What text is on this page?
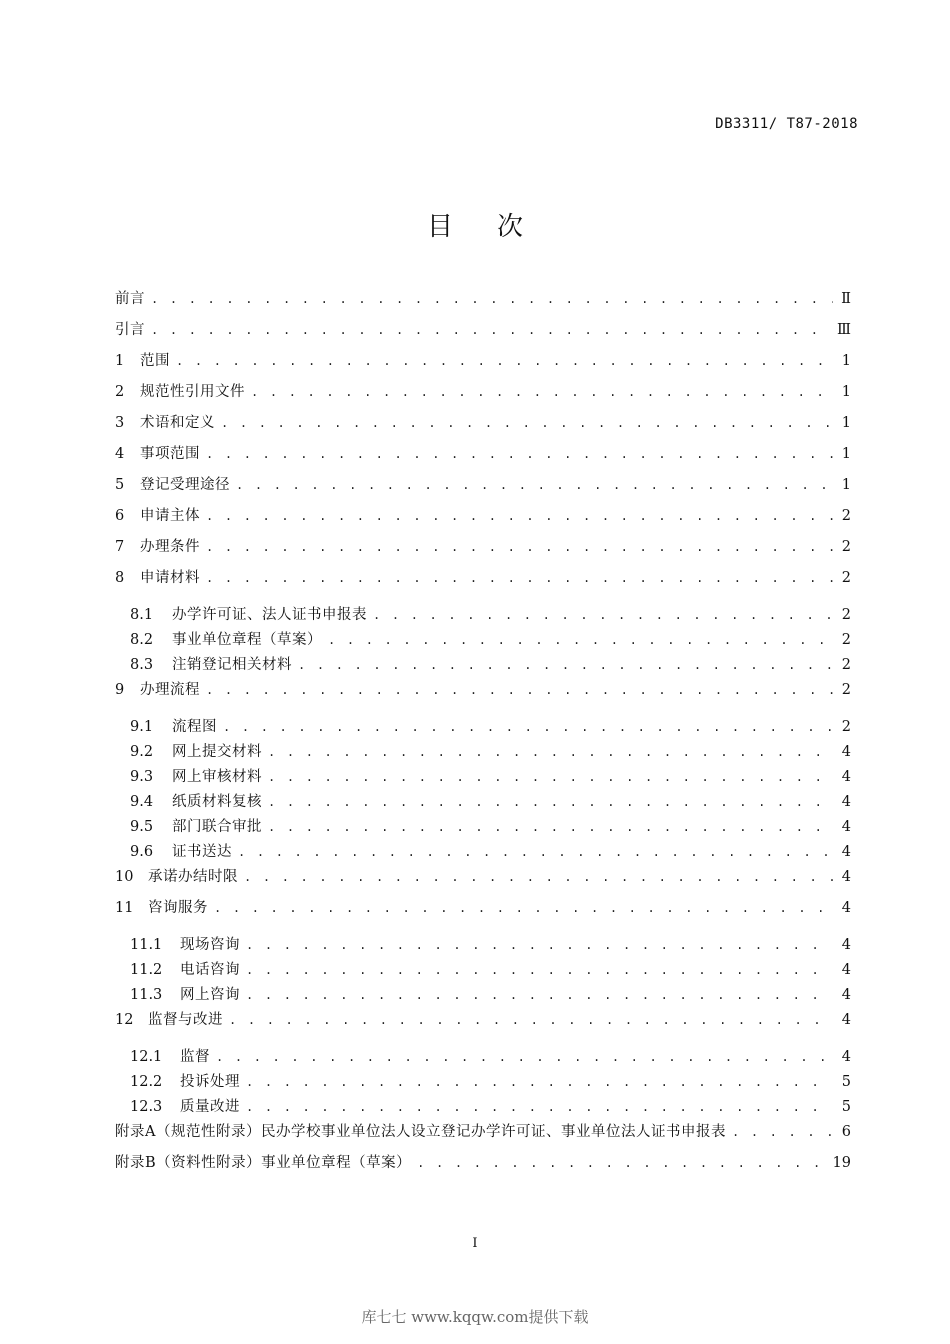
DB3311/ T87-2018
目次
前言 . . .	Ⅱ
引言 . . .	Ⅲ
1	范围 . . .	1
2	规范性引用文件 . . .	1
3	术语和定义 . . .	1
4	事项范围 . . .	1
5	登记受理途径 . . .	1
6	申请主体 . . .	2
7	办理条件 . . .	2
8	申请材料 . . .	2
8.1	办学许可证、法人证书申报表 . . .	2
8.2	事业单位章程（草案） . . .	2
8.3	注销登记相关材料 . . .	2
9	办理流程 . . .	2
9.1	流程图 . . .	2
9.2	网上提交材料 . . .	4
9.3	网上审核材料 . . .	4
9.4	纸质材料复核 . . .	4
9.5	部门联合审批 . . .	4
9.6	证书送达 . . .	4
10	承诺办结时限 . . .	4
11	咨询服务 . . .	4
11.1	现场咨询 . . .	4
11.2	电话咨询 . . .	4
11.3	网上咨询 . . .	4
12	监督与改进 . . .	4
12.1	监督 . . .	4
12.2	投诉处理 . . .	5
12.3	质量改进 . . .	5
附录A（规范性附录）民办学校事业单位法人设立登记办学许可证、事业单位法人证书申报表 . . .	6
附录B（资料性附录）事业单位章程（草案） . . .	19
I
库七七 www.kqqw.com提供下载
